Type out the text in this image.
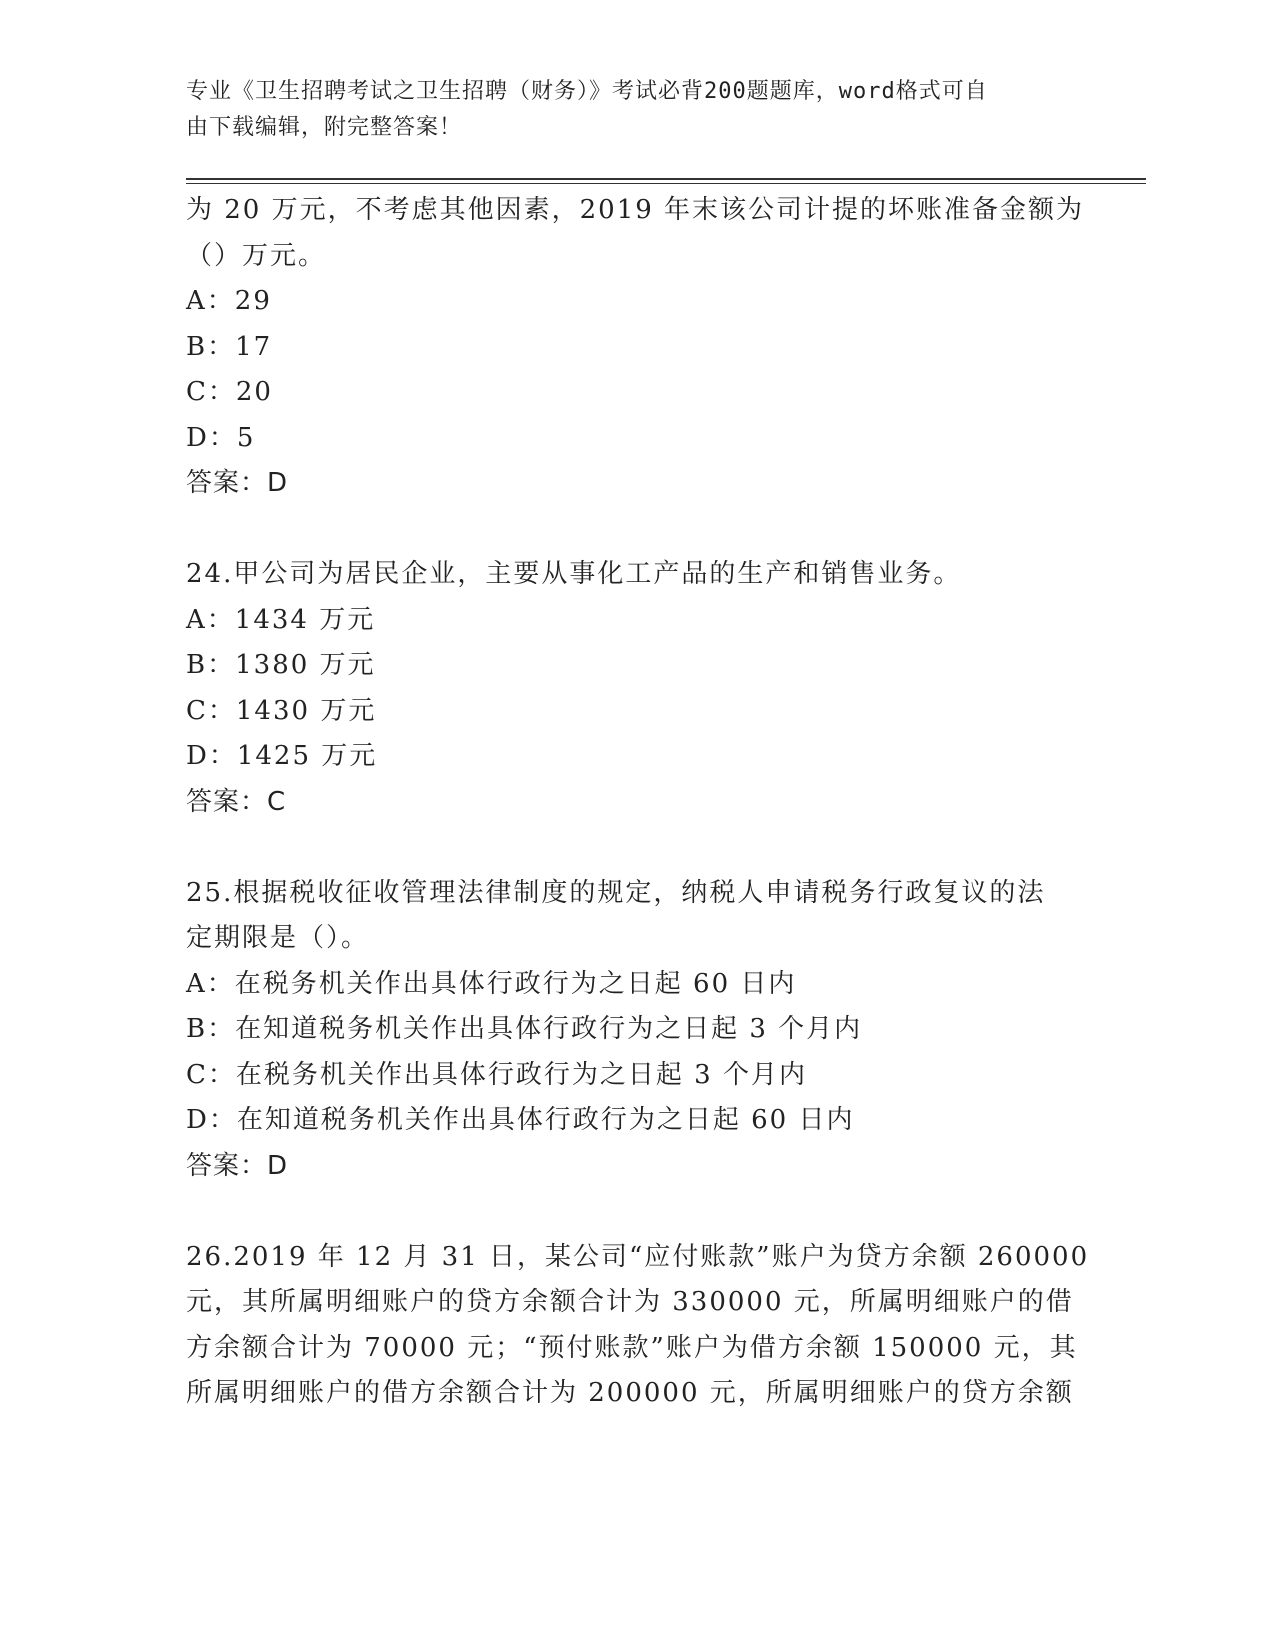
专业《卫生招聘考试之卫生招聘（财务）》考试必背200题题库，word格式可自
由下载编辑，附完整答案！
为 20 万元，不考虑其他因素，2019 年末该公司计提的坏账准备金额为
（）万元。
A：29
B：17
C：20
D：5
答案：D
24.甲公司为居民企业，主要从事化工产品的生产和销售业务。
A：1434 万元
B：1380 万元
C：1430 万元
D：1425 万元
答案：C
25.根据税收征收管理法律制度的规定，纳税人申请税务行政复议的法
定期限是（）。
A：在税务机关作出具体行政行为之日起 60 日内
B：在知道税务机关作出具体行政行为之日起 3 个月内
C：在税务机关作出具体行政行为之日起 3 个月内
D：在知道税务机关作出具体行政行为之日起 60 日内
答案：D
26.2019 年 12 月 31 日，某公司“应付账款”账户为贷方余额 260000
元，其所属明细账户的贷方余额合计为 330000 元，所属明细账户的借
方余额合计为 70000 元；“预付账款”账户为借方余额 150000 元，其
所属明细账户的借方余额合计为 200000 元，所属明细账户的贷方余额
